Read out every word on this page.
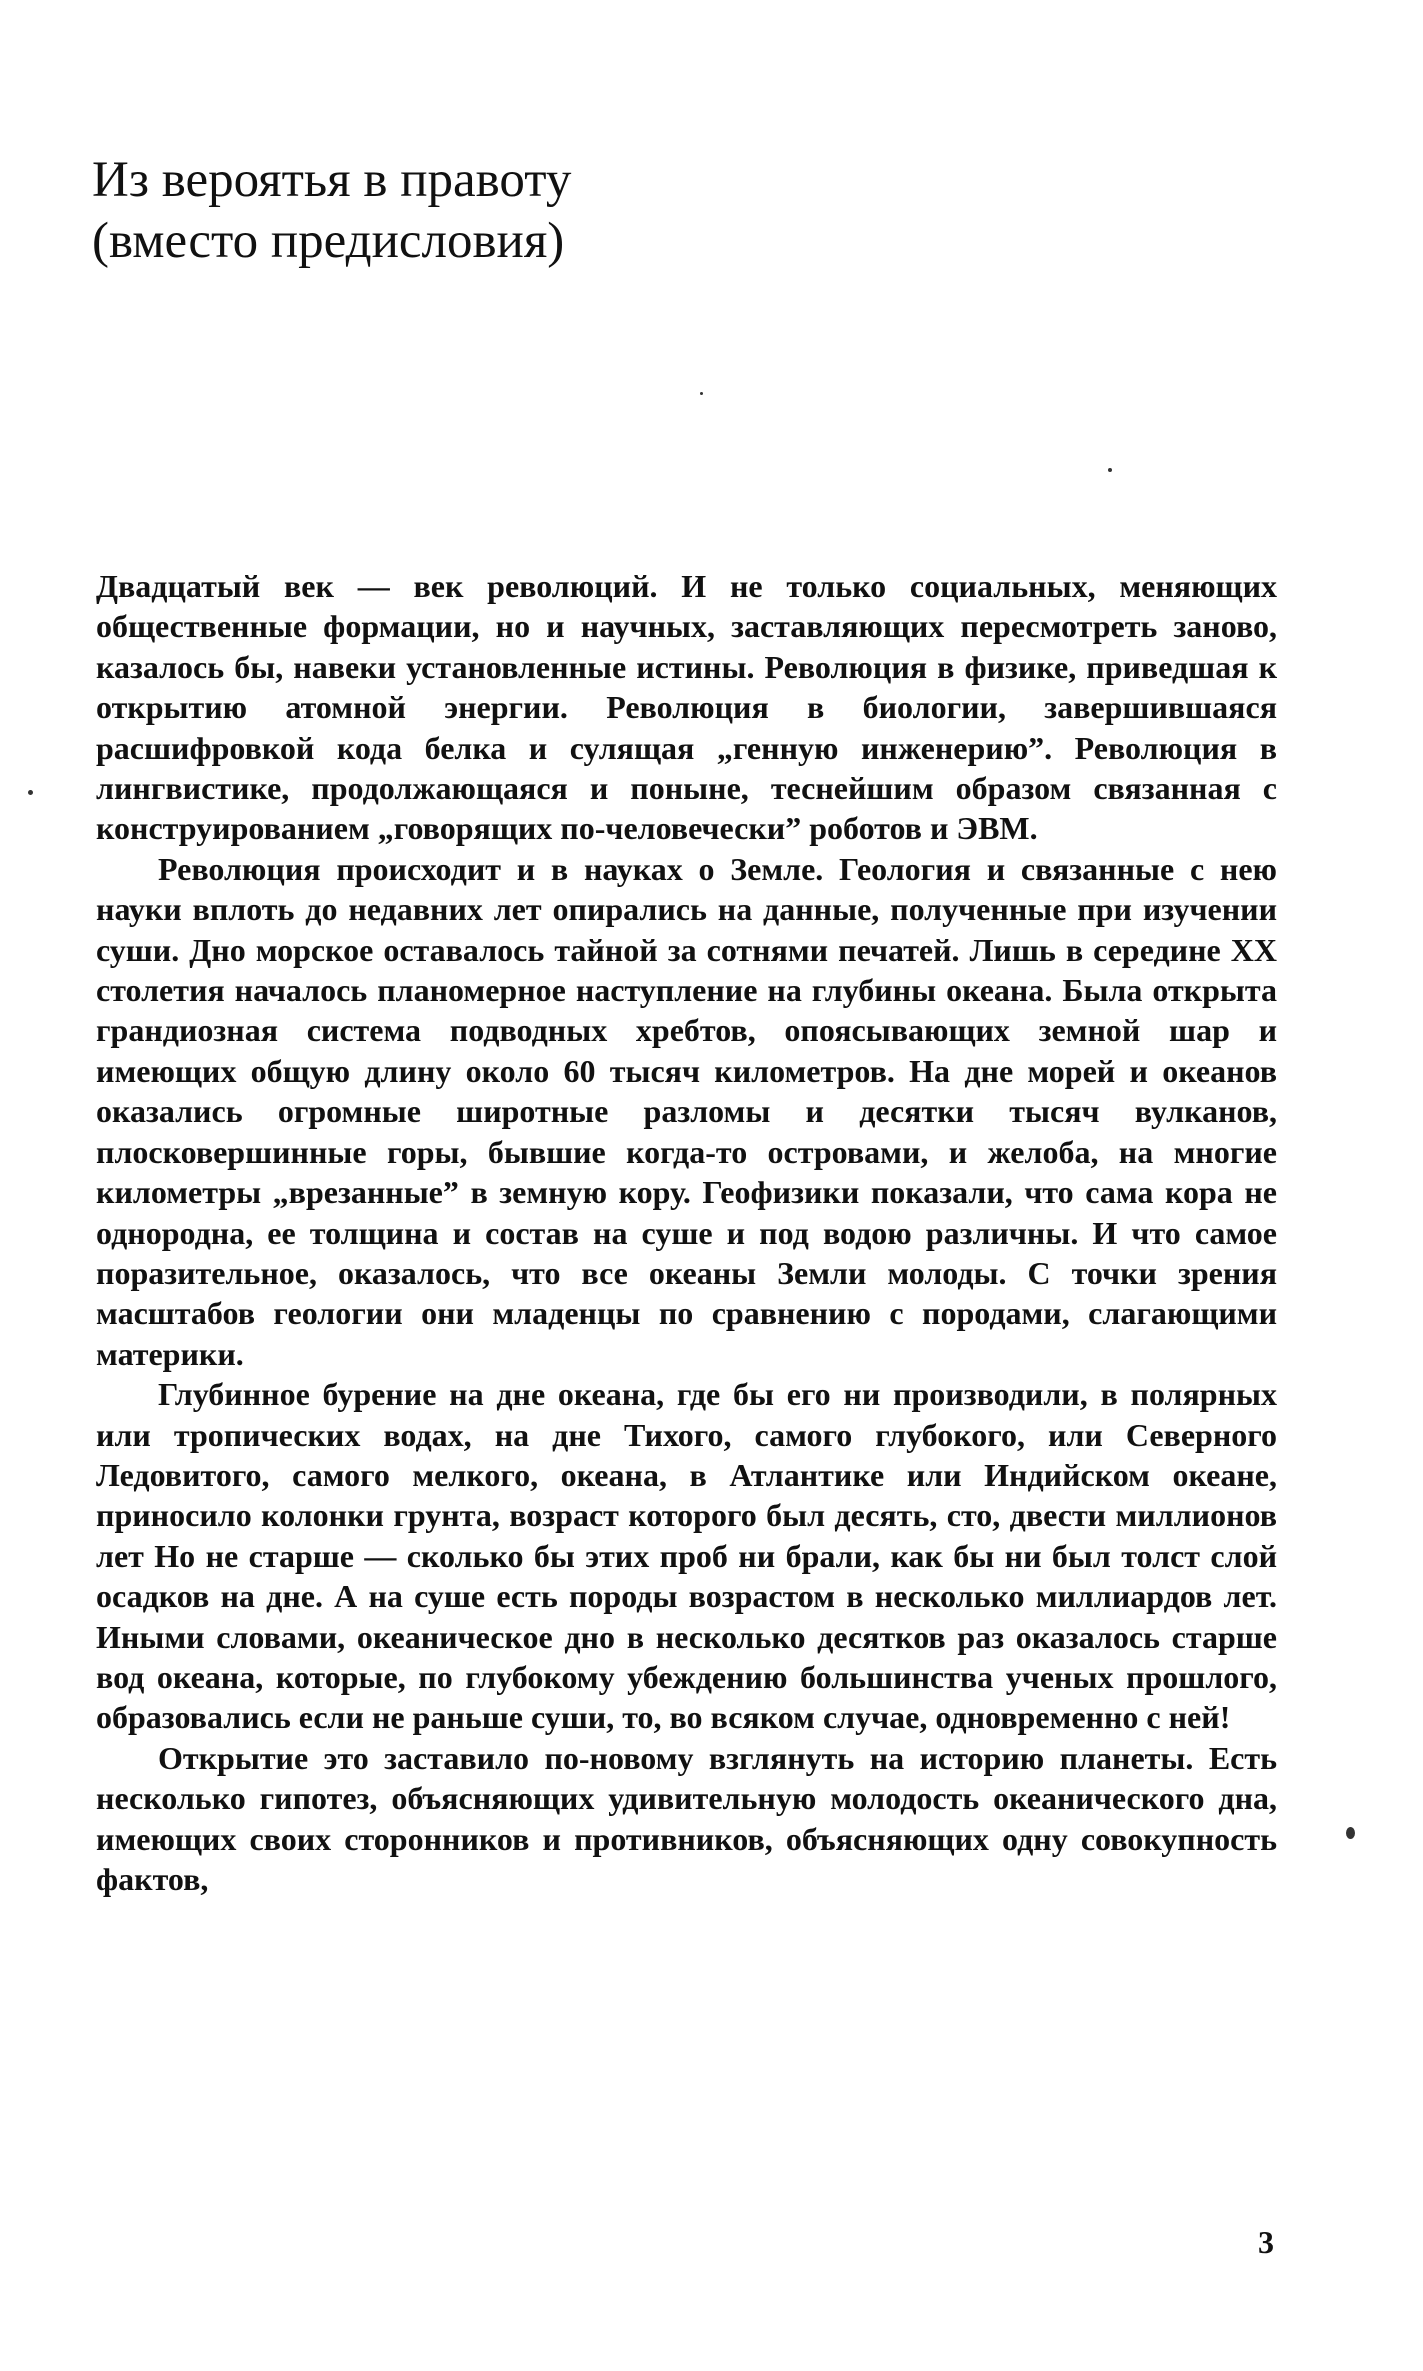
Из вероятья в правоту
(вместо предисловия)

Двадцатый век — век революций. И не только социальных, меняющих общественные формации, но и научных, заставляющих пересмотреть заново, казалось бы, навеки установленные истины. Революция в физике, приведшая к открытию атомной энергии. Революция в биологии, завершившаяся расшифровкой кода белка и сулящая „генную инженерию”. Революция в лингвистике, продолжающаяся и поныне, теснейшим образом связанная с конструированием „говорящих по-человечески” роботов и ЭВМ.

Революция происходит и в науках о Земле. Геология и связанные с нею науки вплоть до недавних лет опирались на данные, полученные при изучении суши. Дно морское оставалось тайной за сотнями печатей. Лишь в середине XX столетия началось планомерное наступление на глубины океана. Была открыта грандиозная система подводных хребтов, опоясывающих земной шар и имеющих общую длину около 60 тысяч километров. На дне морей и океанов оказались огромные широтные разломы и десятки тысяч вулканов, плосковершинные горы, бывшие когда-то островами, и желоба, на многие километры „врезанные” в земную кору. Геофизики показали, что сама кора не однородна, ее толщина и состав на суше и под водою различны. И что самое поразительное, оказалось, что все океаны Земли молоды. С точки зрения масштабов геологии они младенцы по сравнению с породами, слагающими материки.

Глубинное бурение на дне океана, где бы его ни производили, в полярных или тропических водах, на дне Тихого, самого глубокого, или Северного Ледовитого, самого мелкого, океана, в Атлантике или Индийском океане, приносило колонки грунта, возраст которого был десять, сто, двести миллионов лет Но не старше — сколько бы этих проб ни брали, как бы ни был толст слой осадков на дне. А на суше есть породы возрастом в несколько миллиардов лет. Иными словами, океаническое дно в несколько десятков раз оказалось старше вод океана, которые, по глубокому убеждению большинства ученых прошлого, образовались если не раньше суши, то, во всяком случае, одновременно с ней!

Открытие это заставило по-новому взглянуть на историю планеты. Есть несколько гипотез, объясняющих удивительную молодость океанического дна, имеющих своих сторонников и противников, объясняющих одну совокупность фактов,

3
